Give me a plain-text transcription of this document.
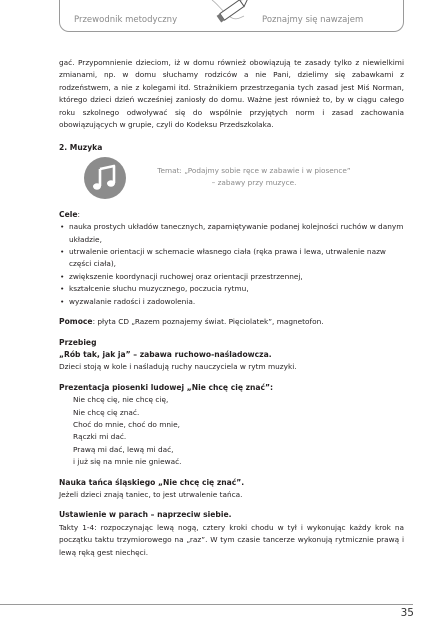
Przewodnik metodyczny	Poznajmy się nawzajem

gać. Przypomnienie dzieciom, iż w domu również obowiązują te zasady tylko z niewielkimi zmianami, np. w domu słuchamy rodziców a nie Pani, dzielimy się zabawkami z rodzeństwem, a nie z kolegami itd. Strażnikiem przestrzegania tych zasad jest Miś Norman, którego dzieci dzień wcześniej zaniosły do domu. Ważne jest również to, by w ciągu całego roku szkolnego odwoływać się do wspólnie przyjętych norm i zasad zachowania obowiązujących w grupie, czyli do Kodeksu Przedszkolaka.

2. Muzyka

Temat: „Podajmy sobie ręce w zabawie i w piosence”
– zabawy przy muzyce.

Cele:

• nauka prostych układów tanecznych, zapamiętywanie podanej kolejności ruchów w danym układzie,
• utrwalenie orientacji w schemacie własnego ciała (ręka prawa i lewa, utrwalenie nazw części ciała),
• zwiększenie koordynacji ruchowej oraz orientacji przestrzennej,
• kształcenie słuchu muzycznego, poczucia rytmu,
• wyzwalanie radości i zadowolenia.

Pomoce: płyta CD „Razem poznajemy świat. Pięciolatek”, magnetofon.

Przebieg

„Rób tak, jak ja” – zabawa ruchowo-naśladowcza.

Dzieci stoją w kole i naśladują ruchy nauczyciela w rytm muzyki.

Prezentacja piosenki ludowej „Nie chcę cię znać”:

Nie chcę cię, nie chcę cię,
Nie chcę cię znać.
Choć do mnie, choć do mnie,
Rączki mi dać.
Prawą mi dać, lewą mi dać,
i już się na mnie nie gniewać.

Nauka tańca śląskiego „Nie chcę cię znać”.

Jeżeli dzieci znają taniec, to jest utrwalenie tańca.

Ustawienie w parach – naprzeciw siebie.

Takty 1-4: rozpoczynając lewą nogą, cztery kroki chodu w tył i wykonując każdy krok na początku taktu trzymiorowego na „raz”. W tym czasie tancerze wykonują rytmicznie prawą i lewą ręką gest niechęci.

35
